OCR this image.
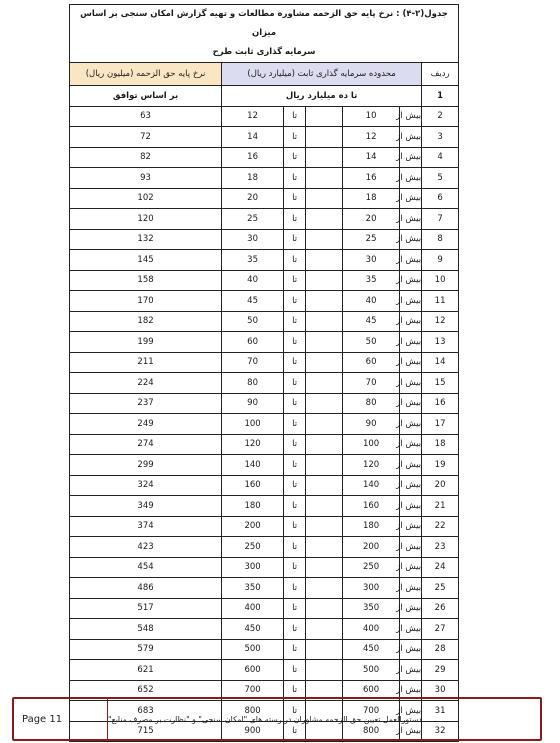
جدول(۲-۴) : نرخ پایه حق الزحمه مشاوره مطالعات و تهیه گزارش امکان سنجی بر اساس میزان
سرمایه گذاری ثابت طرح						

ردیف	محدوده سرمایه گذاری ثابت (میلیارد ریال)					نرخ پایه حق الزحمه (میلیون ریال)

1	تا ده میلیارد ریال					بر اساس توافق
2	بیش از	10		تا	12	63
3	بیش از	12		تا	14	72
4	بیش از	14		تا	16	82
5	بیش از	16		تا	18	93
6	بیش از	18		تا	20	102
7	بیش از	20		تا	25	120
8	بیش از	25		تا	30	132
9	بیش از	30		تا	35	145
10	بیش از	35		تا	40	158
11	بیش از	40		تا	45	170
12	بیش از	45		تا	50	182
13	بیش از	50		تا	60	199
14	بیش از	60		تا	70	211
15	بیش از	70		تا	80	224
16	بیش از	80		تا	90	237
17	بیش از	90		تا	100	249
18	بیش از	100		تا	120	274
19	بیش از	120		تا	140	299
20	بیش از	140		تا	160	324
21	بیش از	160		تا	180	349
22	بیش از	180		تا	200	374
23	بیش از	200		تا	250	423
24	بیش از	250		تا	300	454
25	بیش از	300		تا	350	486
26	بیش از	350		تا	400	517
27	بیش از	400		تا	450	548
28	بیش از	450		تا	500	579
29	بیش از	500		تا	600	621
30	بیش از	600		تا	700	652
31	بیش از	700		تا	800	683
32	بیش از	800		تا	900	715
Page 11	دستورالعمل تعیین حق الزحمه مشاوران در رسته های "امکان سنجی" و "نظارت بر مصرف منابع"
